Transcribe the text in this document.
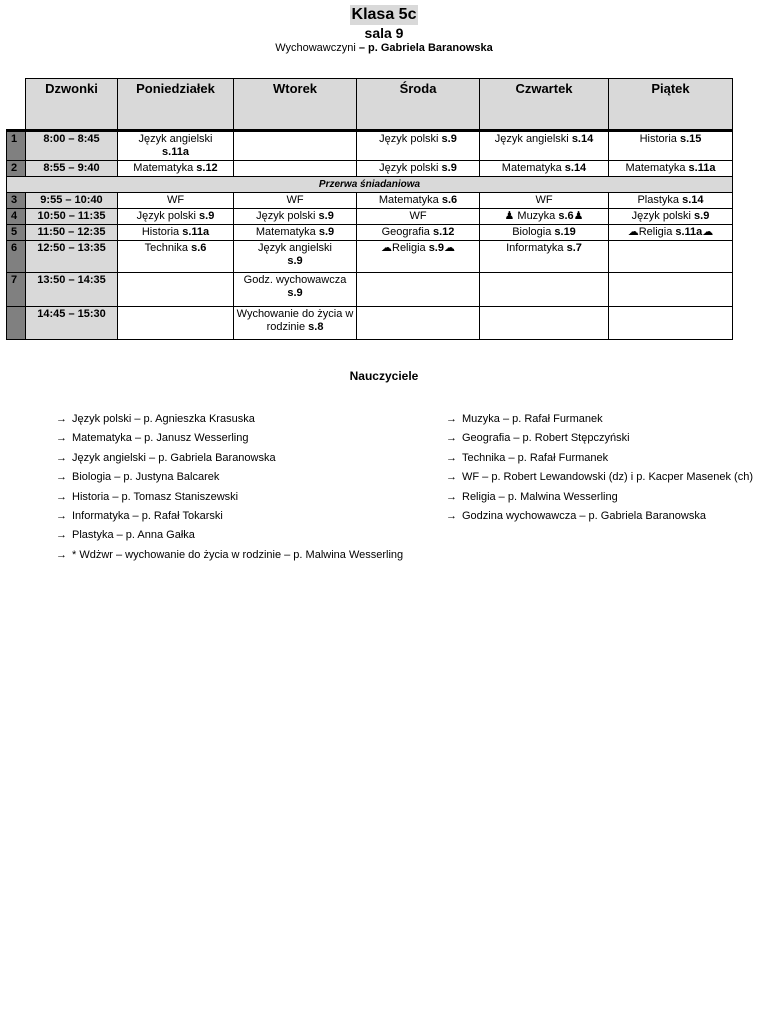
Klasa 5c
sala 9
Wychowawczyni – p. Gabriela Baranowska
	Dzwonki	Poniedziałek	Wtorek	Środa	Czwartek	Piątek
1	8:00 – 8:45	Język angielski
s.11a		Język polski s.9	Język angielski s.14	Historia s.15
2	8:55 – 9:40	Matematyka s.12		Język polski s.9	Matematyka s.14	Matematyka s.11a
Przerwa śniadaniowa						
3	9:55 – 10:40	WF	WF	Matematyka s.6	WF	Plastyka s.14
4	10:50 – 11:35	Język polski s.9	Język polski s.9	WF	♟ Muzyka s.6♟	Język polski s.9
5	11:50 – 12:35	Historia s.11a	Matematyka s.9	Geografia s.12	Biologia s.19	☁Religia s.11a☁
6	12:50 – 13:35	Technika s.6	Język angielski
s.9	☁Religia s.9☁	Informatyka s.7	
7	13:50 – 14:35		Godz. wychowawcza
s.9			
	14:45 – 15:30		Wychowanie do życia w rodzinie s.8			
Nauczyciele
→ Język polski – p. Agnieszka Krasuska
→ Matematyka – p. Janusz Wesserling
→ Język angielski – p. Gabriela Baranowska
→ Biologia – p. Justyna Balcarek
→ Historia – p. Tomasz Staniszewski
→ Informatyka – p. Rafał Tokarski
→ Plastyka – p. Anna Gałka
→ Muzyka – p. Rafał Furmanek
→ Geografia – p. Robert Stępczyński
→ Technika – p. Rafał Furmanek
→ WF – p. Robert Lewandowski (dz) i p. Kacper Masenek (ch)
→ Religia – p. Malwina Wesserling
→ Godzina wychowawcza – p. Gabriela Baranowska
→ * Wdżwr – wychowanie do życia w rodzinie – p. Malwina Wesserling
